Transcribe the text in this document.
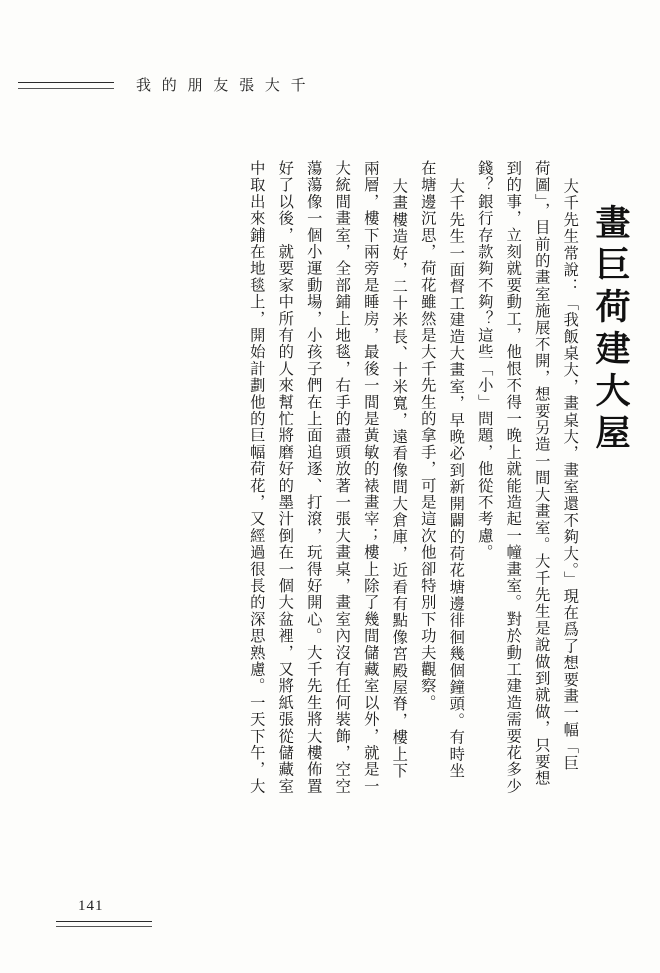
我 的 朋 友 張 大 千
畫巨荷建大屋
大千先生常說：「我飯桌大，畫桌大，畫室還不夠大。」現在爲了想要畫一幅「巨
荷圖」，目前的畫室施展不開，想要另造一間大畫室。大千先生是說做到就做，只要想
到的事，立刻就要動工，他恨不得一晚上就能造起一幢畫室。對於動工建造需要花多少
錢？銀行存款夠不夠？這些「小」問題，他從不考慮。
大千先生一面督工建造大畫室，早晚必到新開闢的荷花塘邊徘徊幾個鐘頭。有時坐
在塘邊沉思，荷花雖然是大千先生的拿手，可是這次他卻特別下功夫觀察。
大畫樓造好，二十米長、十米寬，遠看像間大倉庫，近看有點像宮殿屋脊，樓上下
兩層，樓下兩旁是睡房，最後一間是黃敏的裱畫宰；樓上除了幾間儲藏室以外，就是一
大統間畫室，全部鋪上地毯，右手的盡頭放著一張大畫桌，畫室內沒有任何裝飾，空空
蕩蕩像一個小運動場，小孩子們在上面追逐、打滾，玩得好開心。大千先生將大樓佈置
好了以後，就要家中所有的人來幫忙將磨好的墨汁倒在一個大盆裡，又將紙張從儲藏室
中取出來鋪在地毯上，開始計劃他的巨幅荷花，又經過很長的深思熟慮。一天下午，大
141
